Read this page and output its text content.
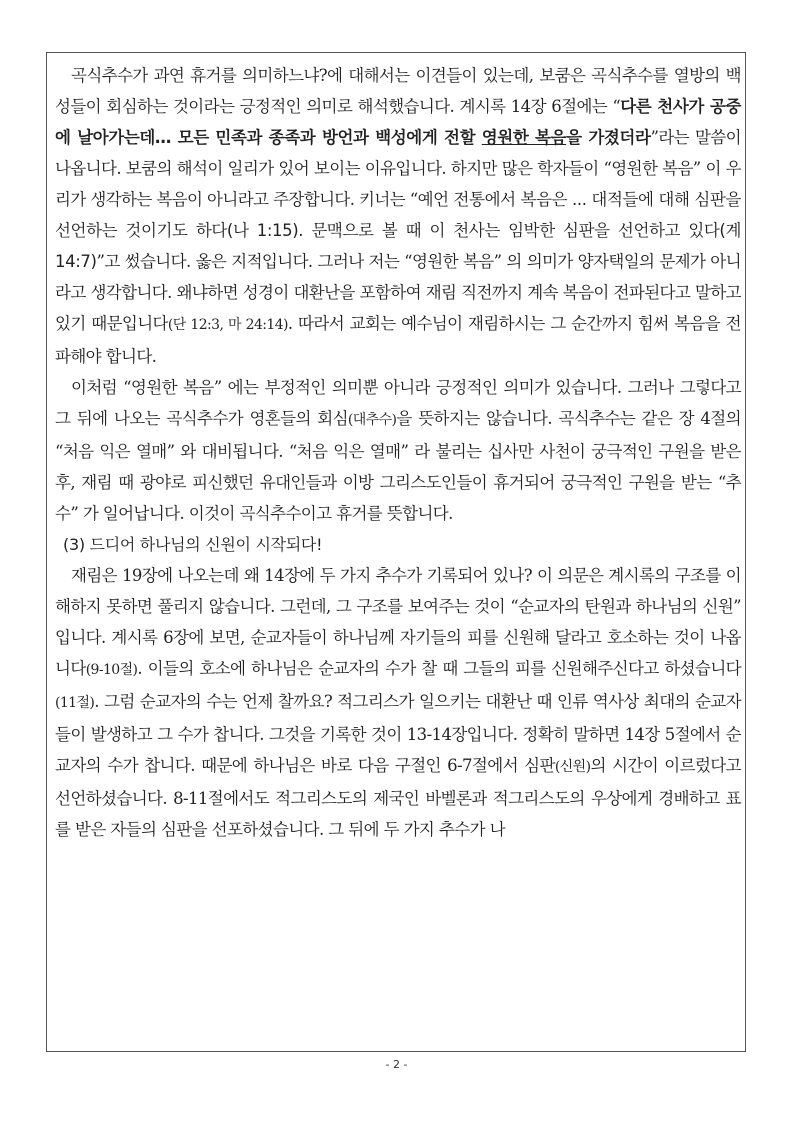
곡식추수가 과연 휴거를 의미하느냐?에 대해서는 이견들이 있는데, 보쿰은 곡식추수를 열방의 백성들이 회심하는 것이라는 긍정적인 의미로 해석했습니다. 계시록 14장 6절에는 “다른 천사가 공중에 날아가는데… 모든 민족과 종족과 방언과 백성에게 전할 영원한 복음을 가졌더라”라는 말씀이 나옵니다. 보쿰의 해석이 일리가 있어 보이는 이유입니다. 하지만 많은 학자들이 “영원한 복음” 이 우리가 생각하는 복음이 아니라고 주장합니다. 키너는 “예언 전통에서 복음은 ... 대적들에 대해 심판을 선언하는 것이기도 하다(나 1:15). 문맥으로 볼 때 이 천사는 임박한 심판을 선언하고 있다(계 14:7)”고 썼습니다. 옳은 지적입니다. 그러나 저는 “영원한 복음” 의 의미가 양자택일의 문제가 아니라고 생각합니다. 왜냐하면 성경이 대환난을 포함하여 재림 직전까지 계속 복음이 전파된다고 말하고 있기 때문입니다(단 12:3, 마 24:14). 따라서 교회는 예수님이 재림하시는 그 순간까지 힘써 복음을 전파해야 합니다.

이처럼 “영원한 복음” 에는 부정적인 의미뿐 아니라 긍정적인 의미가 있습니다. 그러나 그렇다고 그 뒤에 나오는 곡식추수가 영혼들의 회심(대추수)을 뜻하지는 않습니다. 곡식추수는 같은 장 4절의 “처음 익은 열매” 와 대비됩니다. “처음 익은 열매” 라 불리는 십사만 사천이 궁극적인 구원을 받은 후, 재림 때 광야로 피신했던 유대인들과 이방 그리스도인들이 휴거되어 궁극적인 구원을 받는 “추수” 가 일어납니다. 이것이 곡식추수이고 휴거를 뜻합니다.

(3) 드디어 하나님의 신원이 시작되다!

재림은 19장에 나오는데 왜 14장에 두 가지 추수가 기록되어 있나? 이 의문은 계시록의 구조를 이해하지 못하면 풀리지 않습니다. 그런데, 그 구조를 보여주는 것이 “순교자의 탄원과 하나님의 신원” 입니다. 계시록 6장에 보면, 순교자들이 하나님께 자기들의 피를 신원해 달라고 호소하는 것이 나옵니다(9-10절). 이들의 호소에 하나님은 순교자의 수가 찰 때 그들의 피를 신원해주신다고 하셨습니다(11절). 그럼 순교자의 수는 언제 찰까요? 적그리스가 일으키는 대환난 때 인류 역사상 최대의 순교자들이 발생하고 그 수가 찹니다. 그것을 기록한 것이 13-14장입니다. 정확히 말하면 14장 5절에서 순교자의 수가 찹니다. 때문에 하나님은 바로 다음 구절인 6-7절에서 심판(신원)의 시간이 이르렀다고 선언하셨습니다. 8-11절에서도 적그리스도의 제국인 바벨론과 적그리스도의 우상에게 경배하고 표를 받은 자들의 심판을 선포하셨습니다. 그 뒤에 두 가지 추수가 나

- 2 -
